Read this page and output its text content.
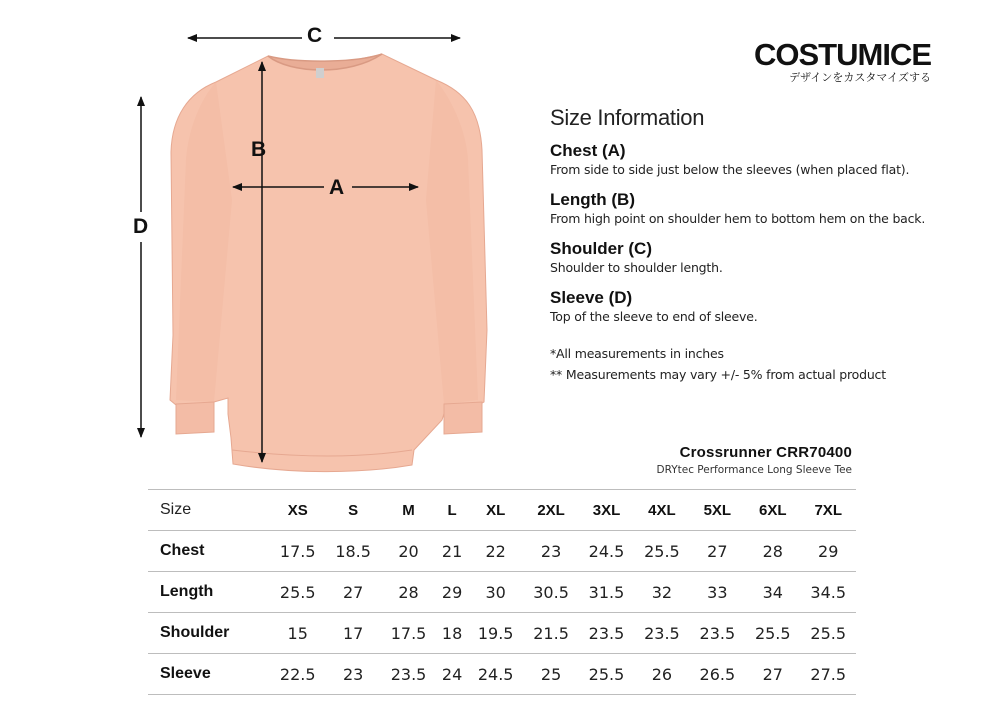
C
D
B
A
COSTUMICE
デザインをカスタマイズする
Size Information
Chest (A)
From side to side just below the sleeves (when placed flat).
Length (B)
From high point on shoulder hem to bottom hem on the back.
Shoulder (C)
Shoulder to shoulder length.
Sleeve (D)
Top of the sleeve to end of sleeve.
*All measurements in inches
** Measurements may vary +/- 5% from actual product
Crossrunner CRR70400
DRYtec Performance Long Sleeve Tee
Size	XS	S	M	L	XL	2XL	3XL	4XL	5XL	6XL	7XL
Chest	17.5	18.5	20	21	22	23	24.5	25.5	27	28	29
Length	25.5	27	28	29	30	30.5	31.5	32	33	34	34.5
Shoulder	15	17	17.5	18	19.5	21.5	23.5	23.5	23.5	25.5	25.5
Sleeve	22.5	23	23.5	24	24.5	25	25.5	26	26.5	27	27.5
